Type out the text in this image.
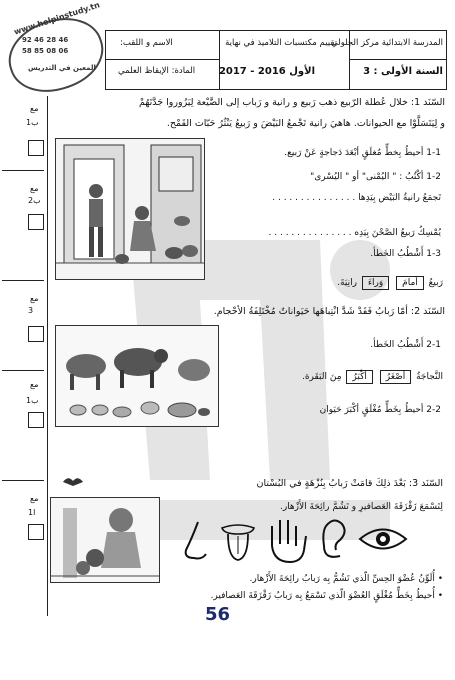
www.helpinstudy.tn
92 46 28 46
58 85 08 06
المعين في التدريس
المدرسة الابتدائية مركز الجلولي
السنة الأولى : 3
تقييم مكتسبات التلاميذ في نهاية
الأول 2016 - 2017
الاسم و اللقب:
المادة: الإيقاظ العلمي
مع
1ب
مع
2ب
مع
3
مع
1ب
مع
1ا
السّنَد 1: خلال عُطلة الرّبيع ذهب رَبيع و رانية و رَباب إلى الضَّيْعة لِيَزُوروا جَدَّتَهُمْ
و لِيَتَسَلَّوْا مع الحيوانات. هاهيَ رانية تَجْمعُ البَيْضَ و رَبيعُ يَنْثُرُ حَبّات القَمْح.
1-1 أحيطُ بِخطٍّ مُغلَقٍ أبْعَدَ دَجاجةٍ عَنْ رَبيع.
1-2 أكْتُبُ : " اليُمْنى" أو " اليُسْرى"
تَجمَعُ رانيةُ البَيْض بِيَدِها . . . . . . . . . . . . . . .
يُمْسِكُ رَبيعُ الصَّحْنَ بِيَدِه . . . . . . . . . . . . . . .
1-3 أَشْطُبُ الخَطأ.
رَبيعُ أمامَ وَراءَ رانِيَةَ.
السّنَد 2: أمّا رَبابُ فَقَدْ شَدَّ انْتِباهَها حَيَواناتٌ مُخْتَلِفَةُ الأحْجام.
2-1 أَشْطُبُ الخَطأ.
النَّجاجَةُ أصْغَرُ أكْبَرُ مِنَ البَقَرة.
2-2 أحيطُ بِخَطٍّ مُغْلَقٍ أكْبَرَ حَيَوان
السّنَد 3: بَعْدَ ذلِكَ قامَتْ رَبابُ بِنُزْهَةٍ في البُسْتان
لِتَسْمَعَ زَقْزَقَةَ العَصافيرِ و تَشُمَّ رائِحَةَ الأَزْهار.
• أُلَوِّنُ عُضْوَ الحِسِّ الّذي تَشُمُّ بِه رَبابُ رائِحَةَ الأَزْهار.
• أُحيطُ بِخَطٍّ مُغْلَقٍ العُضْوَ الّذي تَسْمَعُ بِه رَبابُ زَقْزَقَةَ العَصافير.
56
